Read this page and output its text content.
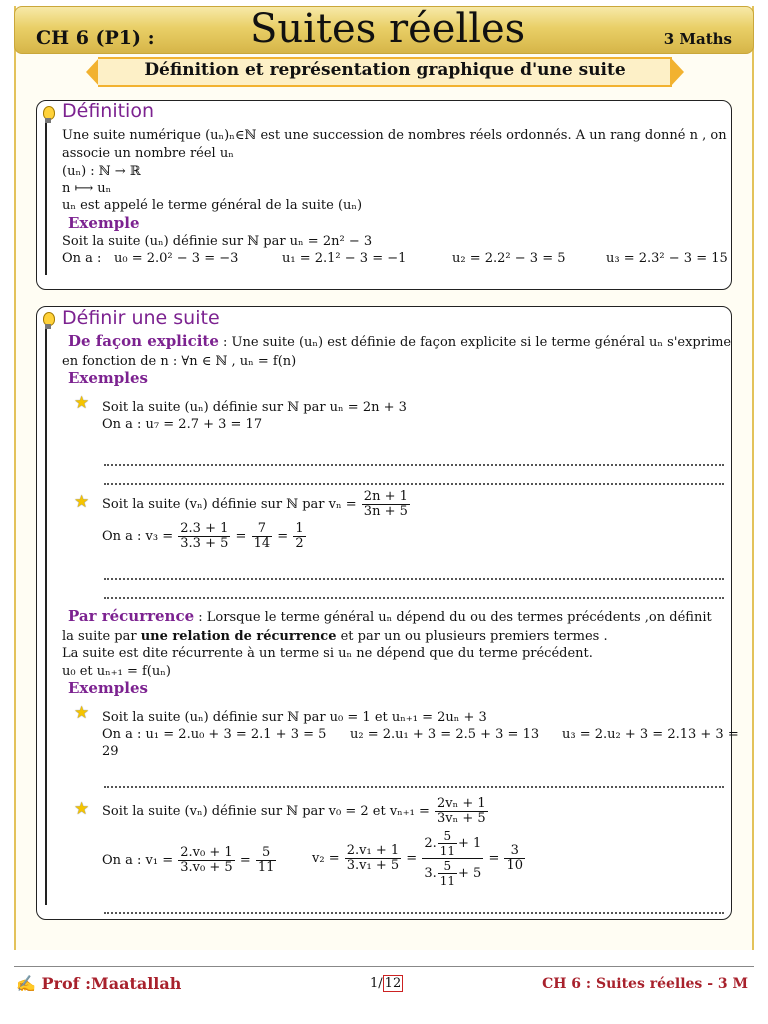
CH 6 (P1) : Suites réelles	3 Maths
Définition et représentation graphique d'une suite
Définition
Une suite numérique (uₙ)ₙ∈ℕ est une succession de nombres réels ordonnés. A un rang donné n , on
associe un nombre réel uₙ
(uₙ) : ℕ → ℝ
n ⟼ uₙ
uₙ est appelé le terme général de la suite (uₙ)
Exemple
Soit la suite (uₙ) définie sur ℕ par uₙ = 2n² − 3
On a : u₀ = 2.0² − 3 = −3	u₁ = 2.1² − 3 = −1	u₂ = 2.2² − 3 = 5	u₃ = 2.3² − 3 = 15
Définir une suite
De façon explicite : Une suite (uₙ) est définie de façon explicite si le terme général uₙ s'exprime
en fonction de n : ∀n ∈ ℕ , uₙ = f(n)
Exemples
★ Soit la suite (uₙ) définie sur ℕ par uₙ = 2n + 3
On a : u₇ = 2.7 + 3 = 17
★ Soit la suite (vₙ) définie sur ℕ par $v_n = \frac{2n + 1}{3n + 5}$
On a : $v_3 = \frac{2.3 + 1}{3.3 + 5} = \frac{7}{14} = \frac{1}{2}$
Par récurrence : Lorsque le terme général uₙ dépend du ou des termes précédents ,on définit
la suite par une relation de récurrence et par un ou plusieurs premiers termes .
La suite est dite récurrente à un terme si uₙ ne dépend que du terme précédent.
u₀ et uₙ₊₁ = f(uₙ)
Exemples
★ Soit la suite (uₙ) définie sur ℕ par u₀ = 1 et uₙ₊₁ = 2uₙ + 3
On a : u₁ = 2.u₀ + 3 = 2.1 + 3 = 5 u₂ = 2.u₁ + 3 = 2.5 + 3 = 13 u₃ = 2.u₂ + 3 = 2.13 + 3 =
29
★ Soit la suite (vₙ) définie sur ℕ par v₀ = 2 et $v_{n+1} = \frac{\text{2vₙ + 1}}{\text{3vₙ + 5}}$
On a : $v_1 = \frac{\text{2.v₀ + 1}}{\text{3.v₀ + 5}} = \frac{5}{11}$	$v_2 = \frac{\text{2.v₁ + 1}}{\text{3.v₁ + 5}} = \frac{2. \frac{5}{11} + 1}{3. \frac{5}{11} + 5} = \frac{3}{10}$
✍ Prof :Maatallah	1/ 12	CH 6 : Suites réelles - 3 M
